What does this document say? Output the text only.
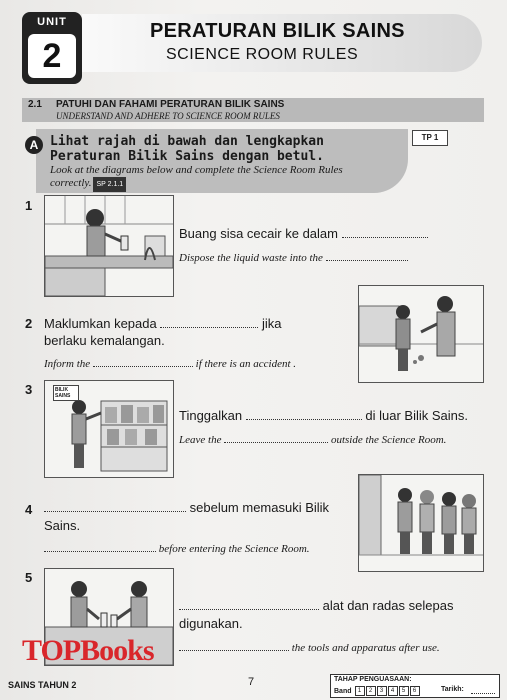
UNIT
2
PERATURAN BILIK SAINS
SCIENCE ROOM RULES
2.1 PATUHI DAN FAHAMI PERATURAN BILIK SAINS
UNDERSTAND AND ADHERE TO SCIENCE ROOM RULES
A Lihat rajah di bawah dan lengkapkan Peraturan Bilik Sains dengan betul.
Look at the diagrams below and complete the Science Room Rules correctly. SP 2.1.1
TP 1
1
Buang sisa cecair ke dalam
Dispose the liquid waste into the
2 Maklumkan kepada	jika
berlaku kemalangan.
Inform the	if there is an accident .
3	BILIK SAINS
Tinggalkan	di luar Bilik Sains.
Leave the	outside the Science Room.
4	sebelum memasuki Bilik
Sains.
before entering the Science Room.
5
alat dan radas selepas
digunakan.
the tools and apparatus after use.
TOPBooks
SAINS TAHUN 2	7	TAHAP PENGUASAAN:
Band	1	2	3	4	5	6	Tarikh:
